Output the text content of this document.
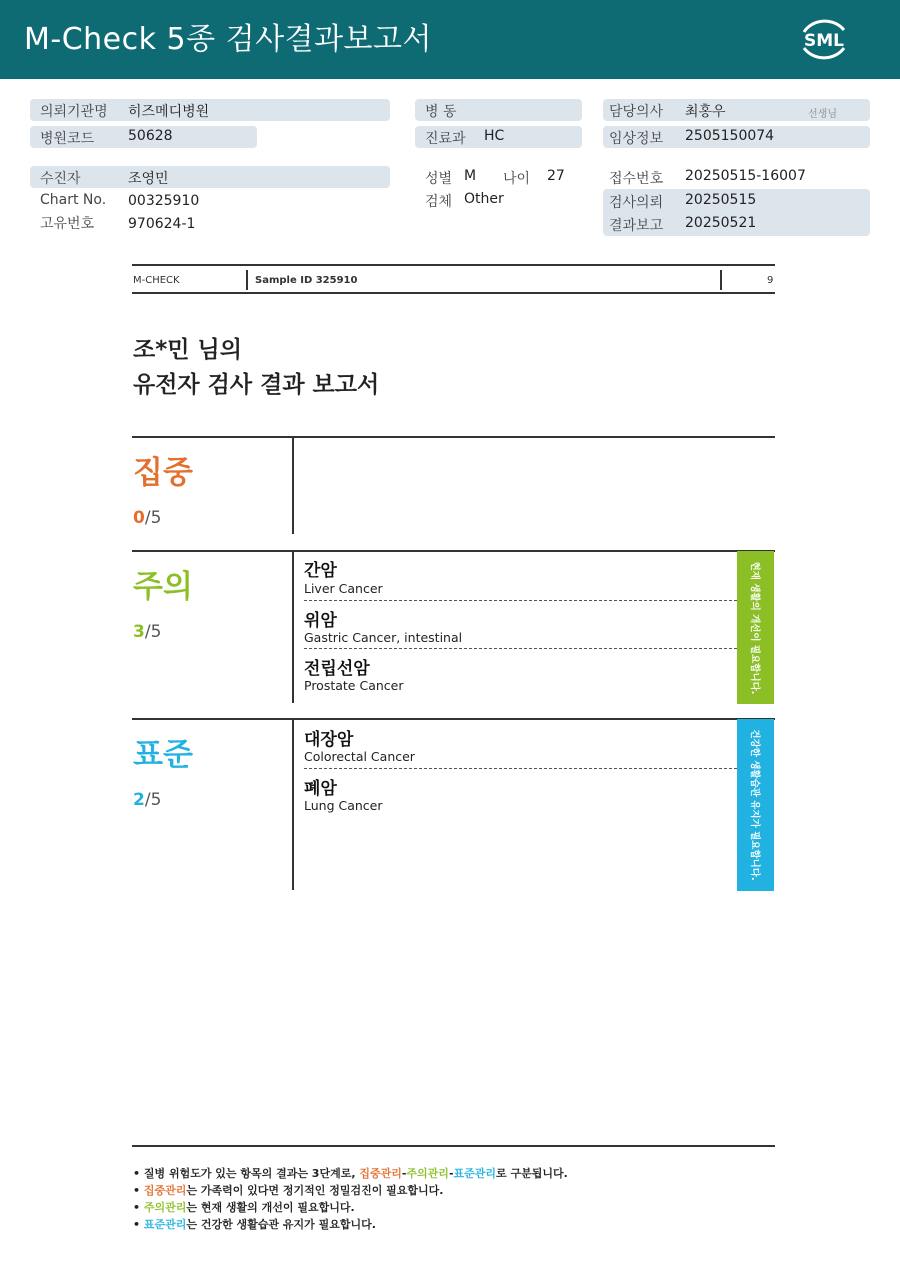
M-Check 5종 검사결과보고서	SML
의뢰기관명 히즈메디병원
병원코드 50628
병 동
진료과 HC
담당의사 최홍우	선생님
임상정보 2505150074
수진자	조영민
Chart No. 00325910
고유번호 970624-1
성별 M 나이 27
검체 Other
접수번호 20250515-16007
검사의뢰 20250515
결과보고 20250521
M-CHECK	Sample ID 325910	9
조*민 님의
유전자 검사 결과 보고서
집중
0/5
주의
3/5
간암
Liver Cancer
위암
Gastric Cancer, intestinal
전립선암
Prostate Cancer	현재 생활의 개선이 필요합니다.
표준
2/5
대장암
Colorectal Cancer
폐암
Lung Cancer	건강한 생활습관 유지가 필요합니다.
• 질병 위험도가 있는 항목의 결과는 3단계로, 집중관리-주의관리-표준관리로 구분됩니다.
• 집중관리는 가족력이 있다면 정기적인 정밀검진이 필요합니다.
• 주의관리는 현재 생활의 개선이 필요합니다.
• 표준관리는 건강한 생활습관 유지가 필요합니다.
